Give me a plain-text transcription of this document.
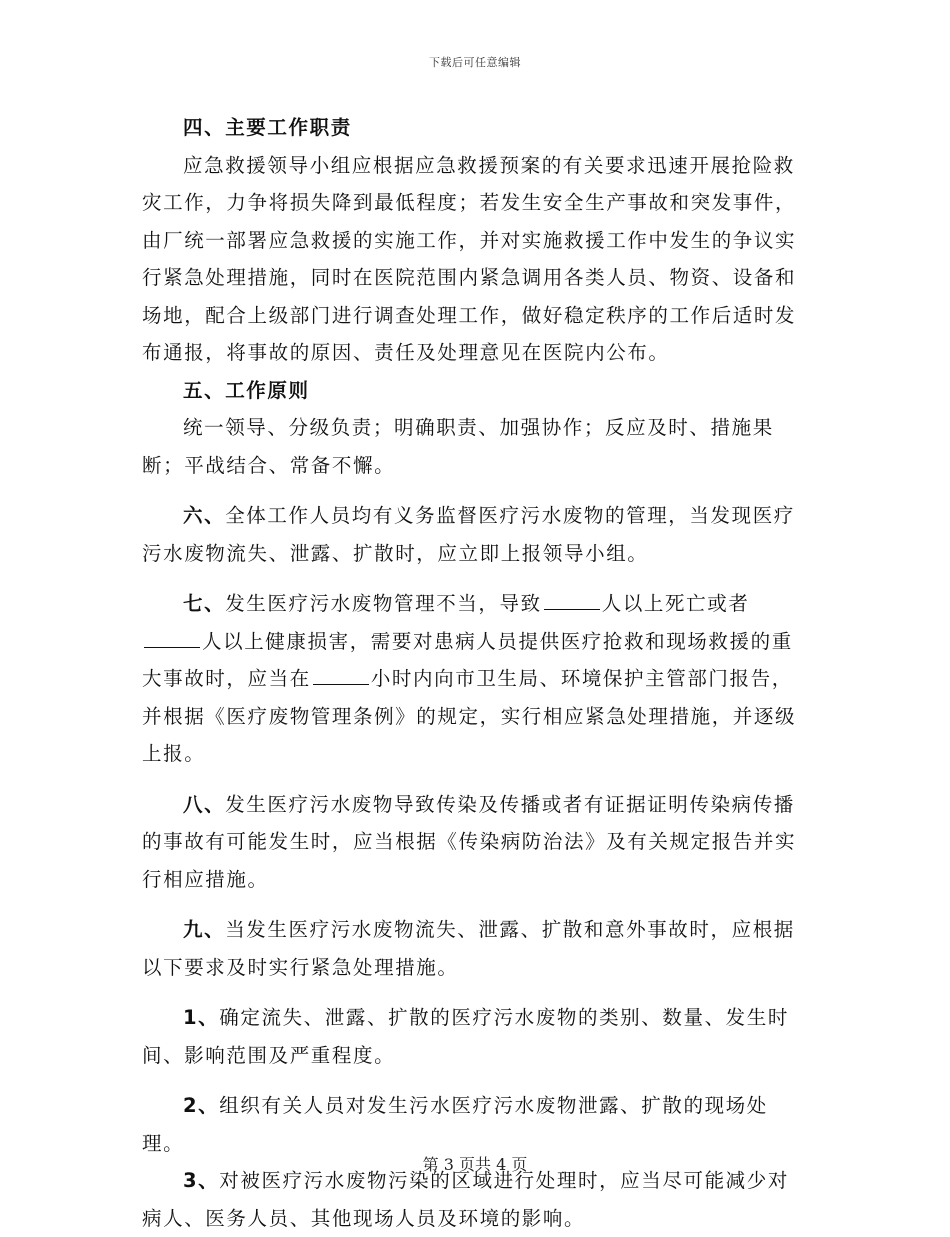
下载后可任意编辑

四、主要工作职责

应急救援领导小组应根据应急救援预案的有关要求迅速开展抢险救灾工作，力争将损失降到最低程度；若发生安全生产事故和突发事件，由厂统一部署应急救援的实施工作，并对实施救援工作中发生的争议实行紧急处理措施，同时在医院范围内紧急调用各类人员、物资、设备和场地，配合上级部门进行调查处理工作，做好稳定秩序的工作后适时发布通报，将事故的原因、责任及处理意见在医院内公布。

五、工作原则

统一领导、分级负责；明确职责、加强协作；反应及时、措施果断；平战结合、常备不懈。

六、全体工作人员均有义务监督医疗污水废物的管理，当发现医疗污水废物流失、泄露、扩散时，应立即上报领导小组。

七、发生医疗污水废物管理不当，导致	人以上死亡或者人以上健康损害，需要对患病人员提供医疗抢救和现场救援的重大事故时，应当在	小时内向市卫生局、环境保护主管部门报告，并根据《医疗废物管理条例》的规定，实行相应紧急处理措施，并逐级上报。

八、发生医疗污水废物导致传染及传播或者有证据证明传染病传播的事故有可能发生时，应当根据《传染病防治法》及有关规定报告并实行相应措施。

九、当发生医疗污水废物流失、泄露、扩散和意外事故时，应根据以下要求及时实行紧急处理措施。

1、确定流失、泄露、扩散的医疗污水废物的类别、数量、发生时间、影响范围及严重程度。

2、组织有关人员对发生污水医疗污水废物泄露、扩散的现场处理。

3、对被医疗污水废物污染的区域进行处理时，应当尽可能减少对病人、医务人员、其他现场人员及环境的影响。

第 3 页共 4 页
